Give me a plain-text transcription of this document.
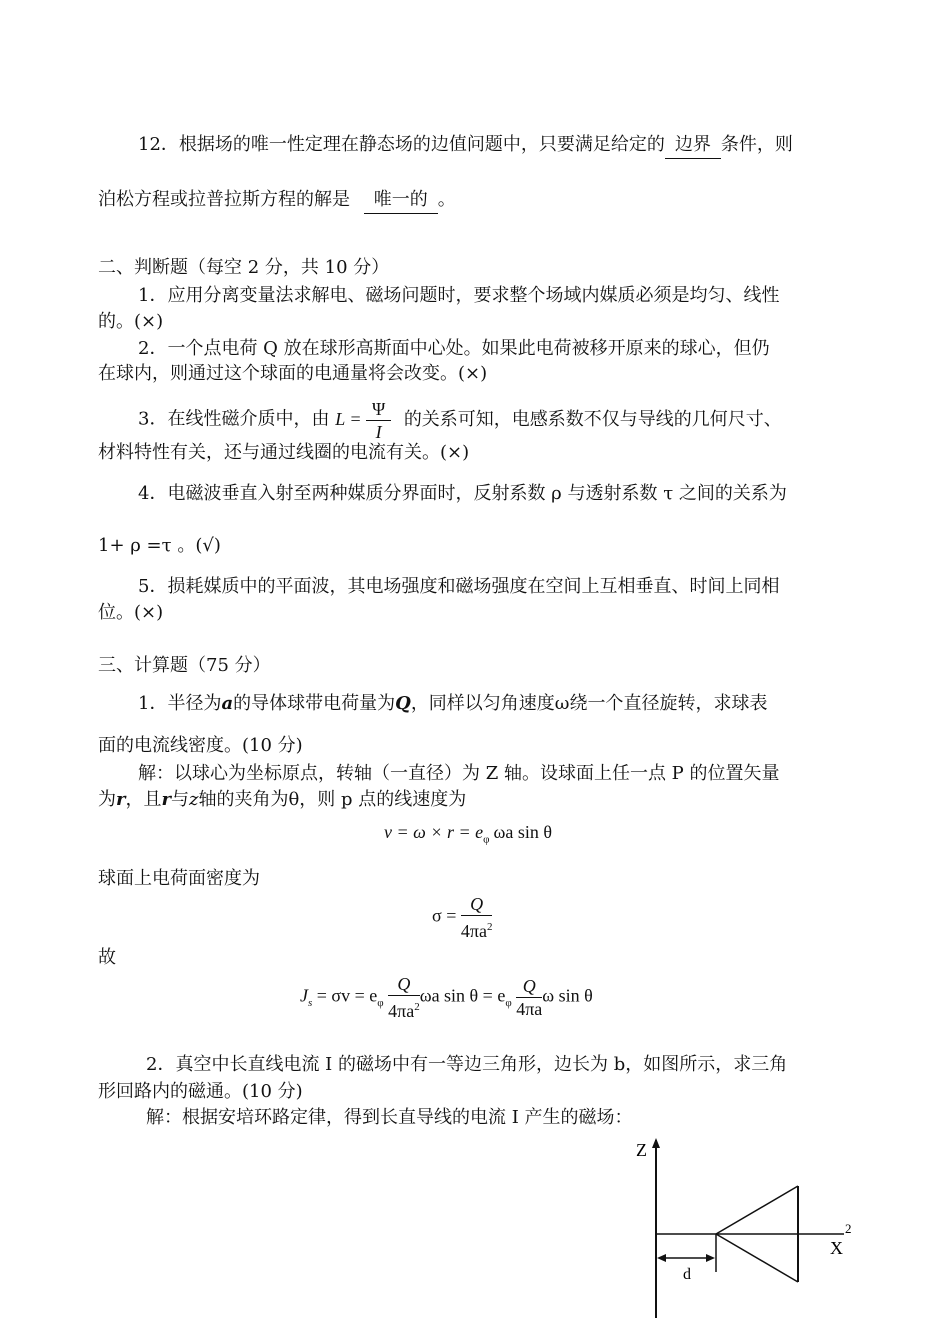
12．根据场的唯一性定理在静态场的边值问题中，只要满足给定的 边界 条件，则
泊松方程或拉普拉斯方程的解是 唯一的 。
二、判断题（每空 2 分，共 10 分）
1．应用分离变量法求解电、磁场问题时，要求整个场域内媒质必须是均匀、线性
的。(×)
2．一个点电荷 Q 放在球形高斯面中心处。如果此电荷被移开原来的球心，但仍
在球内，则通过这个球面的电通量将会改变。(×)
3．在线性磁介质中，由 $L = \frac{\Psi}{I}$ 的关系可知，电感系数不仅与导线的几何尺寸、
材料特性有关，还与通过线圈的电流有关。(×)
4．电磁波垂直入射至两种媒质分界面时，反射系数 ρ 与透射系数 τ 之间的关系为
1+ ρ =τ 。(√)
5．损耗媒质中的平面波，其电场强度和磁场强度在空间上互相垂直、时间上同相
位。(×)
三、计算题（75 分）
1．半径为a的导体球带电荷量为Q，同样以匀角速度ω绕一个直径旋转，求球表
面的电流线密度。(10 分)
解：以球心为坐标原点，转轴（一直径）为 Z 轴。设球面上任一点 P 的位置矢量
为r，且r与z轴的夹角为θ，则 p 点的线速度为
$v = \omega \times r = e_\varphi$ ωa sin θ
球面上电荷面密度为
$\sigma = \frac{Q}{4\pi a^2}$
故
$J_s = \sigma v = e_\varphi \frac{Q}{4\pi a^2}$ ωa $\sin \theta = e_\varphi \frac{Q}{4\pi a}$ ω sin θ
2．真空中长直线电流 I 的磁场中有一等边三角形，边长为 b，如图所示，求三角
形回路内的磁通。(10 分)
解：根据安培环路定律，得到长直导线的电流 I 产生的磁场：
Z
X
d
2
